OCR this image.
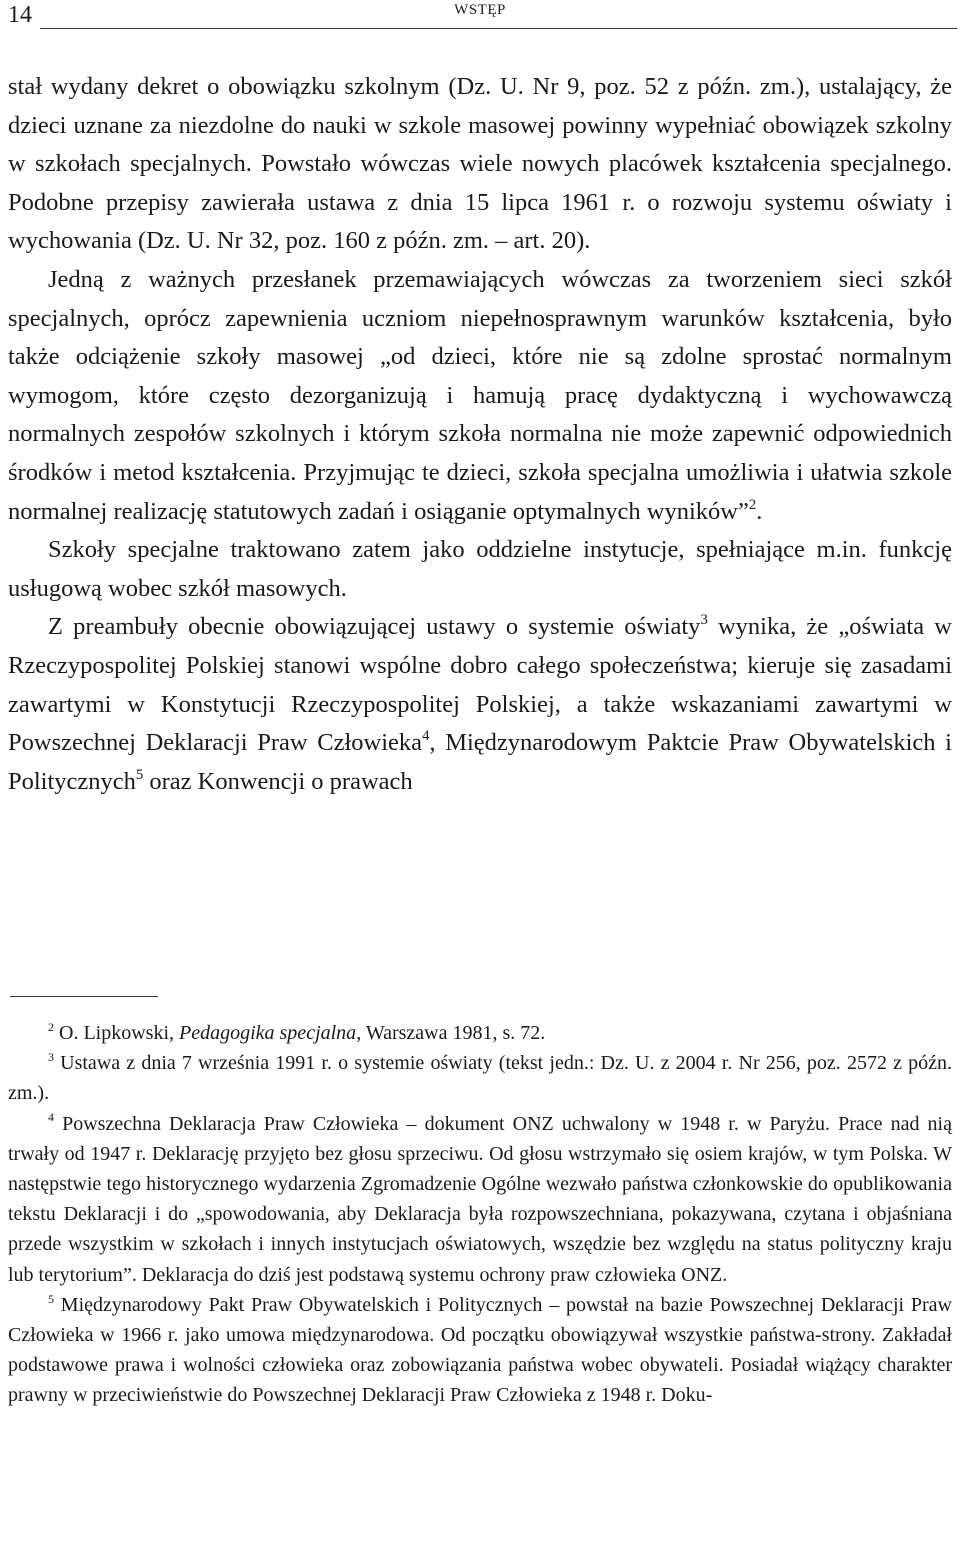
14	WSTĘP

stał wydany dekret o obowiązku szkolnym (Dz. U. Nr 9, poz. 52 z późn. zm.), ustalający, że dzieci uznane za niezdolne do nauki w szkole masowej powinny wypełniać obowiązek szkolny w szkołach specjalnych. Powstało wówczas wiele nowych placówek kształcenia specjalnego. Podobne przepisy zawierała ustawa z dnia 15 lipca 1961 r. o rozwoju systemu oświaty i wychowania (Dz. U. Nr 32, poz. 160 z późn. zm. – art. 20).

Jedną z ważnych przesłanek przemawiających wówczas za tworzeniem sieci szkół specjalnych, oprócz zapewnienia uczniom niepełnosprawnym warunków kształcenia, było także odciążenie szkoły masowej „od dzieci, które nie są zdolne sprostać normalnym wymogom, które często dezorganizują i hamują pracę dydaktyczną i wychowawczą normalnych zespołów szkolnych i którym szkoła normalna nie może zapewnić odpowiednich środków i metod kształcenia. Przyjmując te dzieci, szkoła specjalna umożliwia i ułatwia szkole normalnej realizację statutowych zadań i osiąganie optymalnych wyników”$^2$.

Szkoły specjalne traktowano zatem jako oddzielne instytucje, spełniające m.in. funkcję usługową wobec szkół masowych.

Z preambuły obecnie obowiązującej ustawy o systemie oświaty$^3$ wynika, że „oświata w Rzeczypospolitej Polskiej stanowi wspólne dobro całego społeczeństwa; kieruje się zasadami zawartymi w Konstytucji Rzeczypospolitej Polskiej, a także wskazaniami zawartymi w Powszechnej Deklaracji Praw Człowieka$^4$, Międzynarodowym Paktcie Praw Obywatelskich i Politycznych$^5$ oraz Konwencji o prawach

$^2$ O. Lipkowski, Pedagogika specjalna, Warszawa 1981, s. 72.

$^3$ Ustawa z dnia 7 września 1991 r. o systemie oświaty (tekst jedn.: Dz. U. z 2004 r. Nr 256, poz. 2572 z późn. zm.).

$^4$ Powszechna Deklaracja Praw Człowieka – dokument ONZ uchwalony w 1948 r. w Paryżu. Prace nad nią trwały od 1947 r. Deklarację przyjęto bez głosu sprzeciwu. Od głosu wstrzymało się osiem krajów, w tym Polska. W następstwie tego historycznego wydarzenia Zgromadzenie Ogólne wezwało państwa członkowskie do opublikowania tekstu Deklaracji i do „spowodowania, aby Deklaracja była rozpowszechniana, pokazywana, czytana i objaśniana przede wszystkim w szkołach i innych instytucjach oświatowych, wszędzie bez względu na status polityczny kraju lub terytorium”. Deklaracja do dziś jest podstawą systemu ochrony praw człowieka ONZ.

$^5$ Międzynarodowy Pakt Praw Obywatelskich i Politycznych – powstał na bazie Powszechnej Deklaracji Praw Człowieka w 1966 r. jako umowa międzynarodowa. Od początku obowiązywał wszystkie państwa-strony. Zakładał podstawowe prawa i wolności człowieka oraz zobowiązania państwa wobec obywateli. Posiadał wiążący charakter prawny w przeciwieństwie do Powszechnej Deklaracji Praw Człowieka z 1948 r. Doku-
